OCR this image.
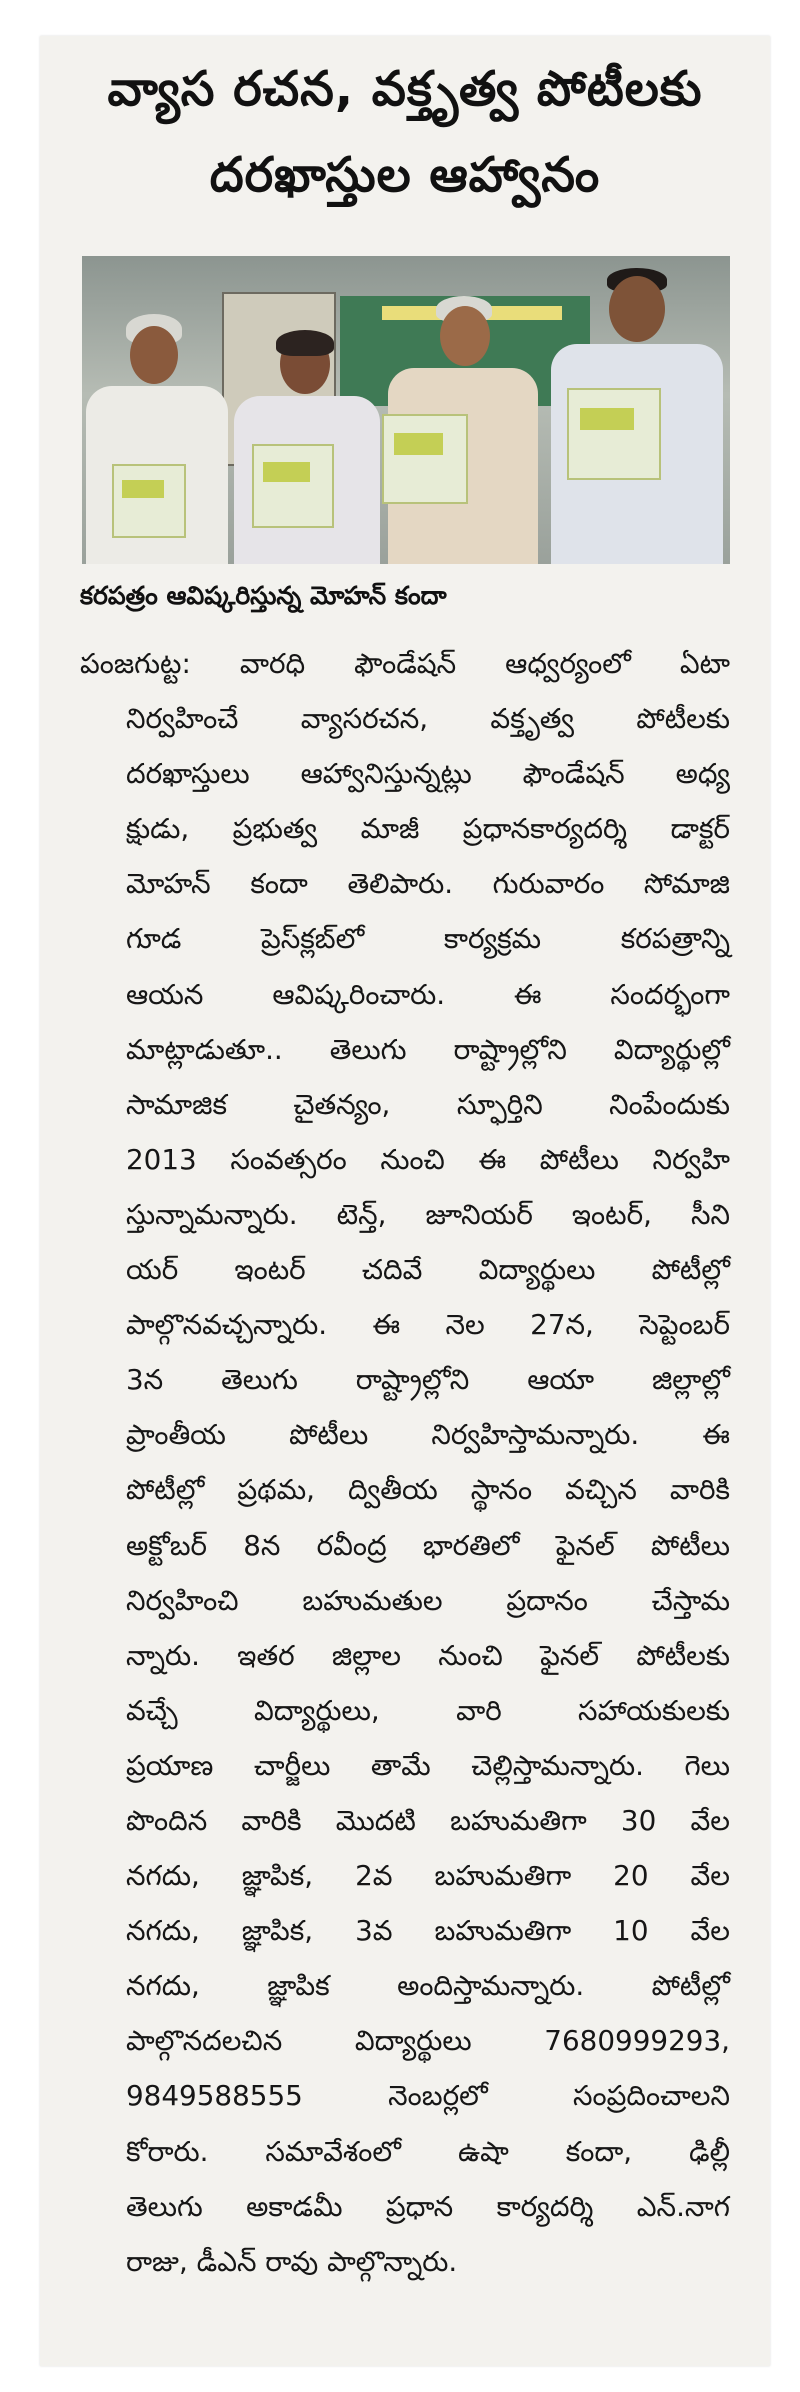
వ్యాస రచన, వక్తృత్వ పోటీలకు
దరఖాస్తుల ఆహ్వానం

కరపత్రం ఆవిష్కరిస్తున్న మోహన్ కందా

పంజగుట్ట: వారధి ఫౌండేషన్ ఆధ్వర్యంలో ఏటా
నిర్వహించే వ్యాసరచన, వక్తృత్వ పోటీలకు
దరఖాస్తులు ఆహ్వానిస్తున్నట్లు ఫౌండేషన్ అధ్య
క్షుడు, ప్రభుత్వ మాజీ ప్రధానకార్యదర్శి డాక్టర్
మోహన్ కందా తెలిపారు. గురువారం సోమాజి
గూడ ప్రెస్‌క్లబ్‌లో కార్యక్రమ కరపత్రాన్ని
ఆయన ఆవిష్కరించారు. ఈ సందర్భంగా
మాట్లాడుతూ.. తెలుగు రాష్ట్రాల్లోని విద్యార్థుల్లో
సామాజిక చైతన్యం, స్ఫూర్తిని నింపేందుకు
2013 సంవత్సరం నుంచి ఈ పోటీలు నిర్వహి
స్తున్నామన్నారు. టెన్త్, జూనియర్ ఇంటర్, సీని
యర్ ఇంటర్ చదివే విద్యార్థులు పోటీల్లో
పాల్గొనవచ్చన్నారు. ఈ నెల 27న, సెప్టెంబర్
3న తెలుగు రాష్ట్రాల్లోని ఆయా జిల్లాల్లో
ప్రాంతీయ పోటీలు నిర్వహిస్తామన్నారు. ఈ
పోటీల్లో ప్రథమ, ద్వితీయ స్థానం వచ్చిన వారికి
అక్టోబర్ 8న రవీంద్ర భారతిలో ఫైనల్ పోటీలు
నిర్వహించి బహుమతుల ప్రదానం చేస్తామ
న్నారు. ఇతర జిల్లాల నుంచి ఫైనల్ పోటీలకు
వచ్చే విద్యార్థులు, వారి సహాయకులకు
ప్రయాణ చార్జీలు తామే చెల్లిస్తామన్నారు. గెలు
పొందిన వారికి మొదటి బహుమతిగా 30 వేల
నగదు, జ్ఞాపిక, 2వ బహుమతిగా 20 వేల
నగదు, జ్ఞాపిక, 3వ బహుమతిగా 10 వేల
నగదు, జ్ఞాపిక అందిస్తామన్నారు. పోటీల్లో
పాల్గొనదలచిన విద్యార్థులు 7680999293,
9849588555 నెంబర్లలో సంప్రదించాలని
కోరారు. సమావేశంలో ఉషా కందా, ఢిల్లీ
తెలుగు అకాడమీ ప్రధాన కార్యదర్శి ఎన్.నాగ
రాజు, డీఎన్ రావు పాల్గొన్నారు.
